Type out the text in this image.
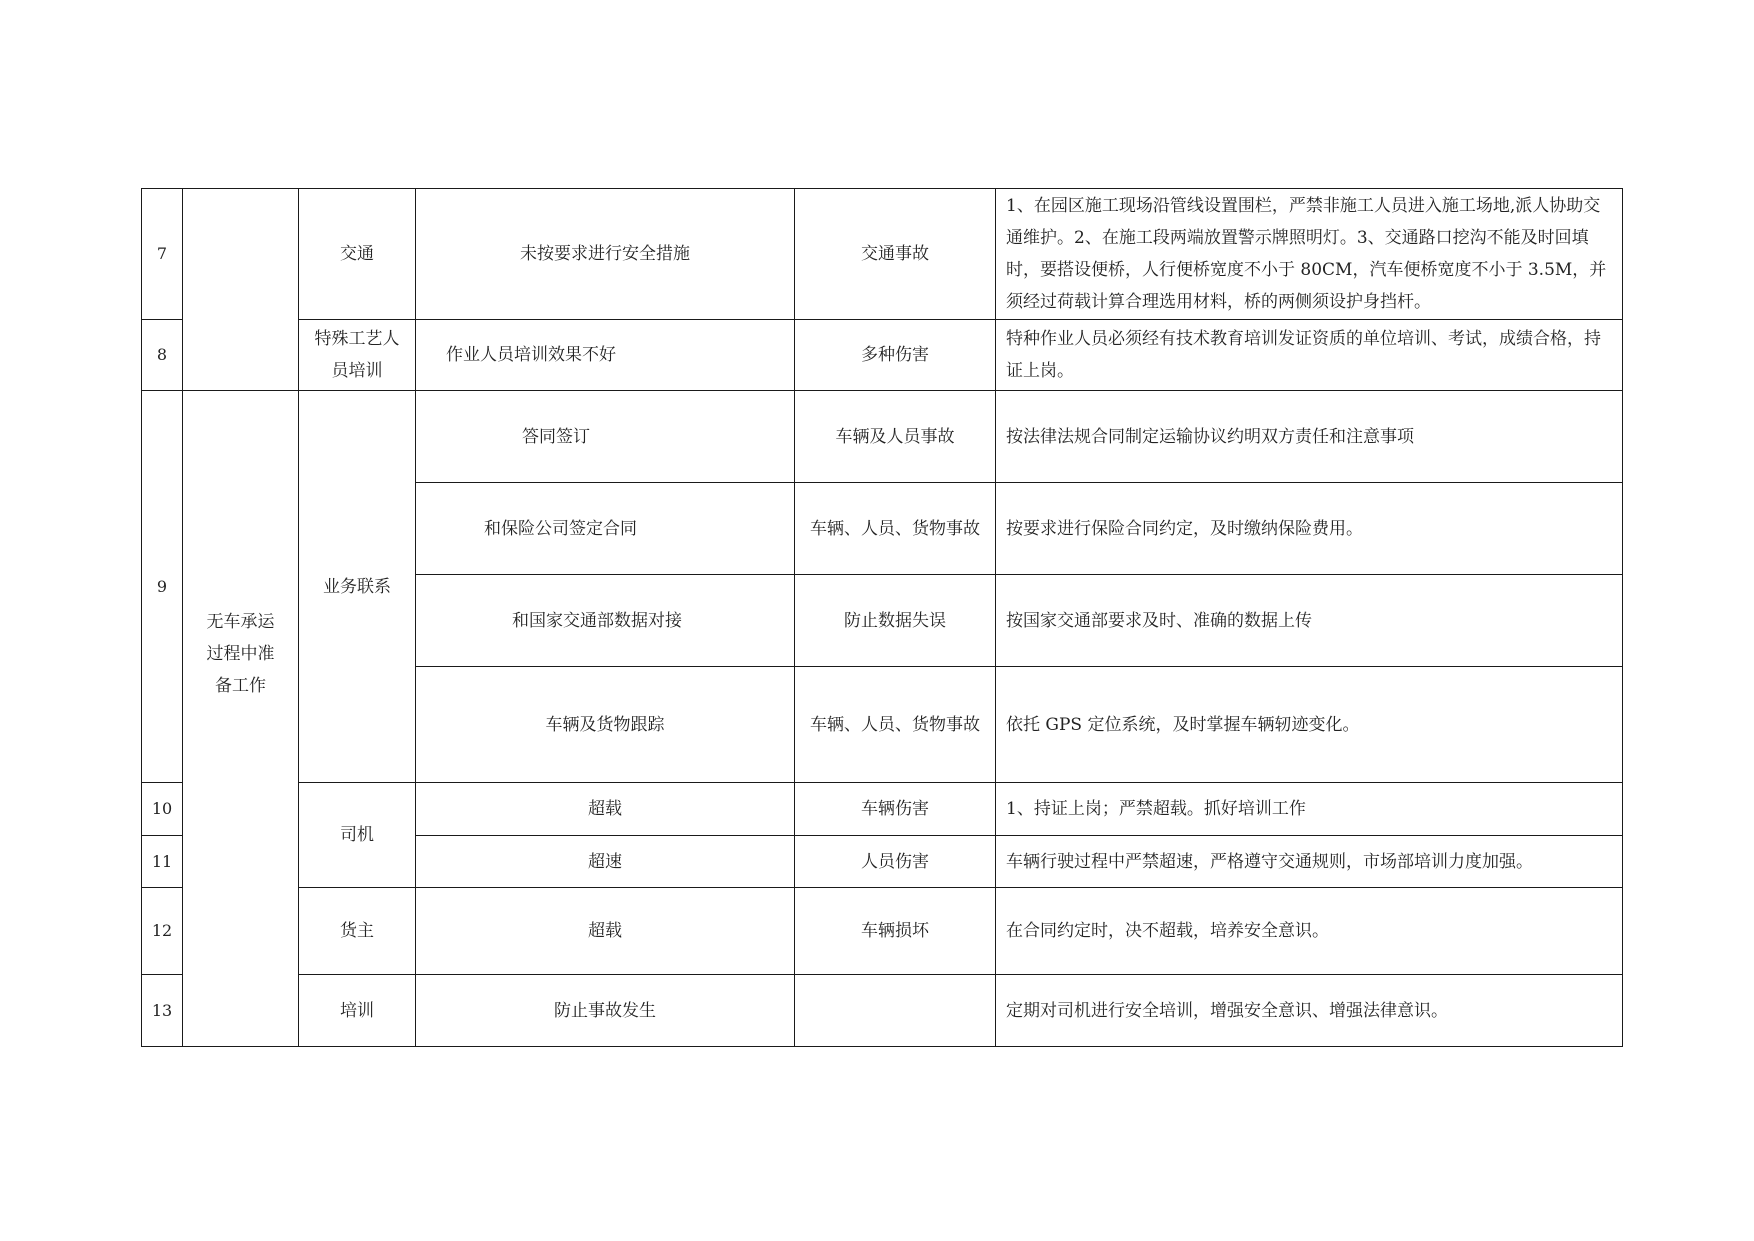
7		交通	未按要求进行安全措施	交通事故	1、在园区施工现场沿管线设置围栏，严禁非施工人员进入施工场地,派人协助交通维护。2、在施工段两端放置警示牌照明灯。3、交通路口挖沟不能及时回填时，要搭设便桥，人行便桥宽度不小于 80CM，汽车便桥宽度不小于 3.5M，并须经过荷载计算合理选用材料，桥的两侧须设护身挡杆。
8		特殊工艺人员培训	作业人员培训效果不好	多种伤害	特种作业人员必须经有技术教育培训发证资质的单位培训、考试，成绩合格，持证上岗。
9	无车承运过程中准备工作	业务联系	答同签订	车辆及人员事故	按法律法规合同制定运输协议约明双方责任和注意事项
			和保险公司签定合同	车辆、人员、货物事故	按要求进行保险合同约定，及时缴纳保险费用。
			和国家交通部数据对接	防止数据失误	按国家交通部要求及时、准确的数据上传
			车辆及货物跟踪	车辆、人员、货物事故	依托 GPS 定位系统，及时掌握车辆轫迹变化。
10		司机	超载	车辆伤害	1、持证上岗；严禁超载。抓好培训工作
11			超速	人员伤害	车辆行驶过程中严禁超速，严格遵守交通规则，市场部培训力度加强。
12		货主	超载	车辆损坏	在合同约定时，决不超载，培养安全意识。
13		培训	防止事故发生		定期对司机进行安全培训，增强安全意识、增强法律意识。
